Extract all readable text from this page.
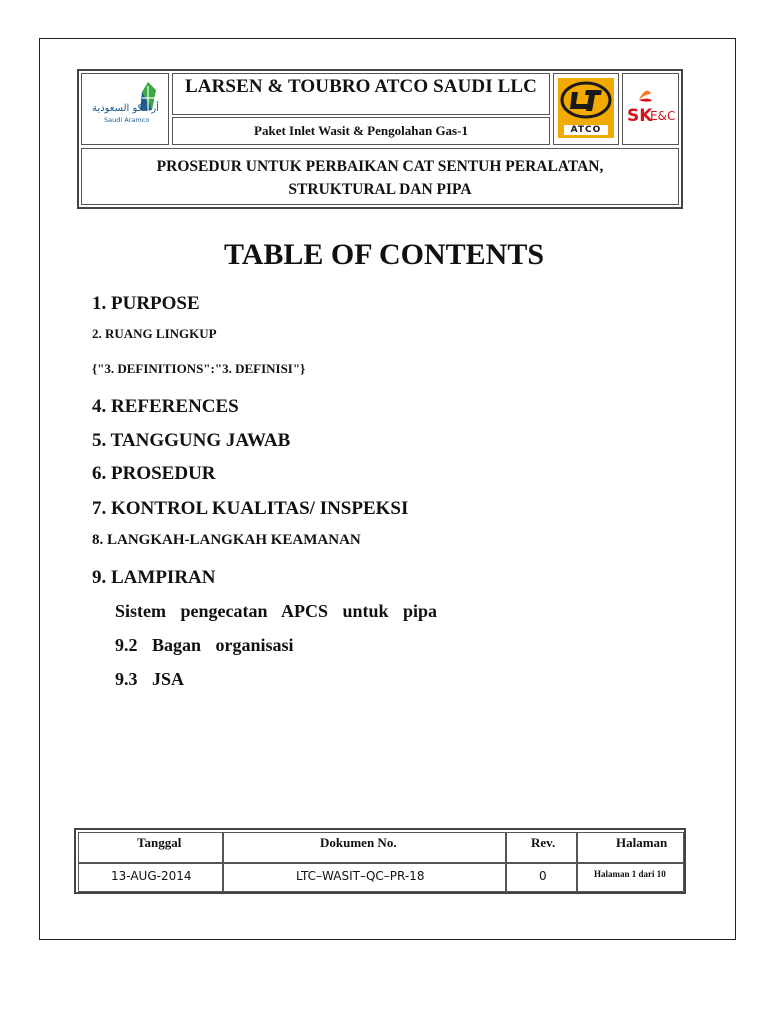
أرامكو السعودية
Saudi Aramco
LARSEN & TOUBRO ATCO SAUDI LLC
Paket Inlet Wasit & Pengolahan Gas-1	ATCO
SK
E&C
PROSEDUR UNTUK PERBAIKAN CAT SENTUH PERALATAN,
STRUKTURAL DAN PIPA
TABLE OF CONTENTS
1. PURPOSE
2. RUANG LINGKUP
{"3. DEFINITIONS":"3. DEFINISI"}
4. REFERENCES
5. TANGGUNG JAWAB
6. PROSEDUR
7. KONTROL KUALITAS/ INSPEKSI
8. LANGKAH-LANGKAH KEAMANAN
9. LAMPIRAN
Sistem pengecatan APCS untuk pipa
9.2 Bagan organisasi
9.3 JSA
Tanggal	Dokumen No.	Rev.	Halaman
13-AUG-2014	LTC–WASIT–QC–PR-18	0	Halaman 1 dari 10
